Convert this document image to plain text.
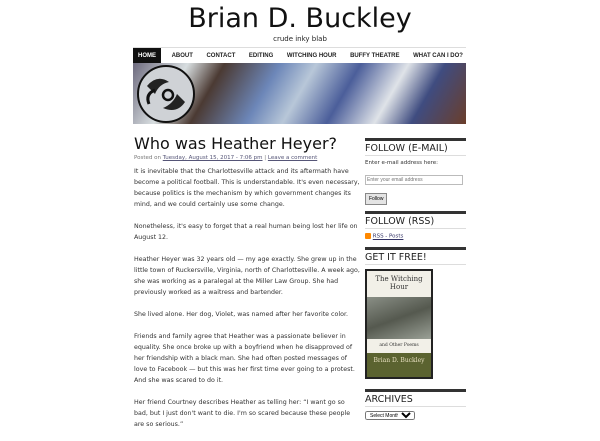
Brian D. Buckley
crude inky blab
HOME	ABOUT	CONTACT	EDITING	WITCHING HOUR	BUFFY THEATRE	WHAT CAN I DO?
Who was Heather Heyer?
Posted on Tuesday, August 15, 2017 - 7:06 pm | Leave a comment

It is inevitable that the Charlottesville attack and its aftermath have become a political football. This is understandable. It's even necessary, because politics is the mechanism by which government changes its mind, and we could certainly use some change.

Nonetheless, it's easy to forget that a real human being lost her life on August 12.

Heather Heyer was 32 years old — my age exactly. She grew up in the little town of Ruckersville, Virginia, north of Charlottesville. A week ago, she was working as a paralegal at the Miller Law Group. She had previously worked as a waitress and bartender.

She lived alone. Her dog, Violet, was named after her favorite color.

Friends and family agree that Heather was a passionate believer in equality. She once broke up with a boyfriend when he disapproved of her friendship with a black man. She had often posted messages of love to Facebook — but this was her first time ever going to a protest. And she was scared to do it.

Her friend Courtney describes Heather as telling her: “I want go so bad, but I just don't want to die. I'm so scared because these people are so serious.”

FOLLOW (E-MAIL)
Enter e-mail address here:
Enter your email address
Follow
FOLLOW (RSS)
RSS - Posts
GET IT FREE!
The Witching Hour
and Other Poems
Brian D. Buckley
ARCHIVES
Select Month
